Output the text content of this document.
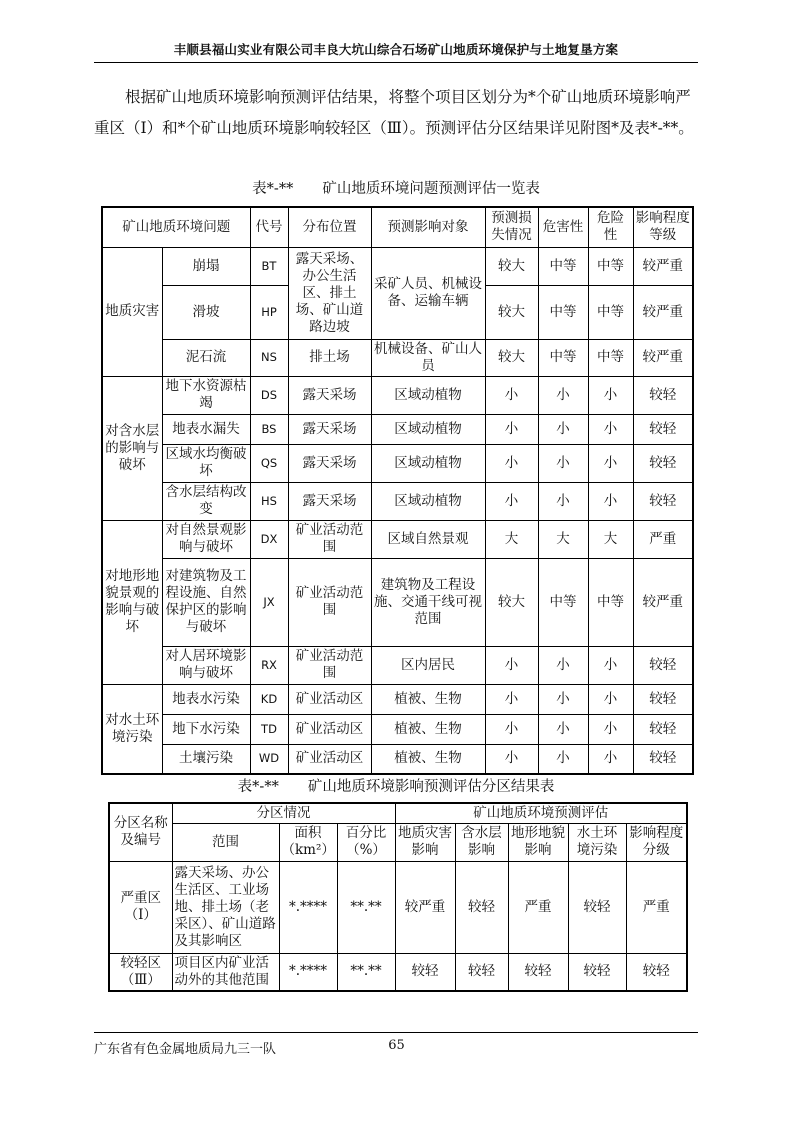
丰顺县福山实业有限公司丰良大坑山综合石场矿山地质环境保护与土地复垦方案

根据矿山地质环境影响预测评估结果，将整个项目区划分为*个矿山地质环境影响严重区（Ⅰ）和*个矿山地质环境影响较轻区（Ⅲ）。预测评估分区结果详见附图*及表*-**。

表*-**　　矿山地质环境问题预测评估一览表
矿山地质环境问题		代号	分布位置	预测影响对象	预测损失情况	危害性	危险性	影响程度等级
地质灾害	崩塌	BT	露天采场、办公生活区、排土场、矿山道路边坡	采矿人员、机械设备、运输车辆	较大	中等	中等	较严重
	滑坡	HP			较大	中等	中等	较严重
	泥石流	NS	排土场	机械设备、矿山人员	较大	中等	中等	较严重
对含水层的影响与破坏	地下水资源枯竭	DS	露天采场	区域动植物	小	小	小	较轻
	地表水漏失	BS	露天采场	区域动植物	小	小	小	较轻
	区域水均衡破坏	QS	露天采场	区域动植物	小	小	小	较轻
	含水层结构改变	HS	露天采场	区域动植物	小	小	小	较轻
对地形地貌景观的影响与破坏	对自然景观影响与破坏	DX	矿业活动范围	区域自然景观	大	大	大	严重
	对建筑物及工程设施、自然保护区的影响与破坏	JX	矿业活动范围	建筑物及工程设施、交通干线可视范围	较大	中等	中等	较严重
	对人居环境影响与破坏	RX	矿业活动范围	区内居民	小	小	小	较轻
对水土环境污染	地表水污染	KD	矿业活动区	植被、生物	小	小	小	较轻
	地下水污染	TD	矿业活动区	植被、生物	小	小	小	较轻
	土壤污染	WD	矿业活动区	植被、生物	小	小	小	较轻
表*-**　　矿山地质环境影响预测评估分区结果表
分区名称及编号	分区情况			矿山地质环境预测评估				
	范围	面积（km²）	百分比（%）	地质灾害影响	含水层影响	地形地貌影响	水土环境污染	影响程度分级
严重区（Ⅰ）	露天采场、办公生活区、工业场地、排土场（老采区）、矿山道路及其影响区	*.****	**.**	较严重	较轻	严重	较轻	严重
较轻区（Ⅲ）	项目区内矿业活动外的其他范围	*.****	**.**	较轻	较轻	较轻	较轻	较轻
广东省有色金属地质局九三一队	65
